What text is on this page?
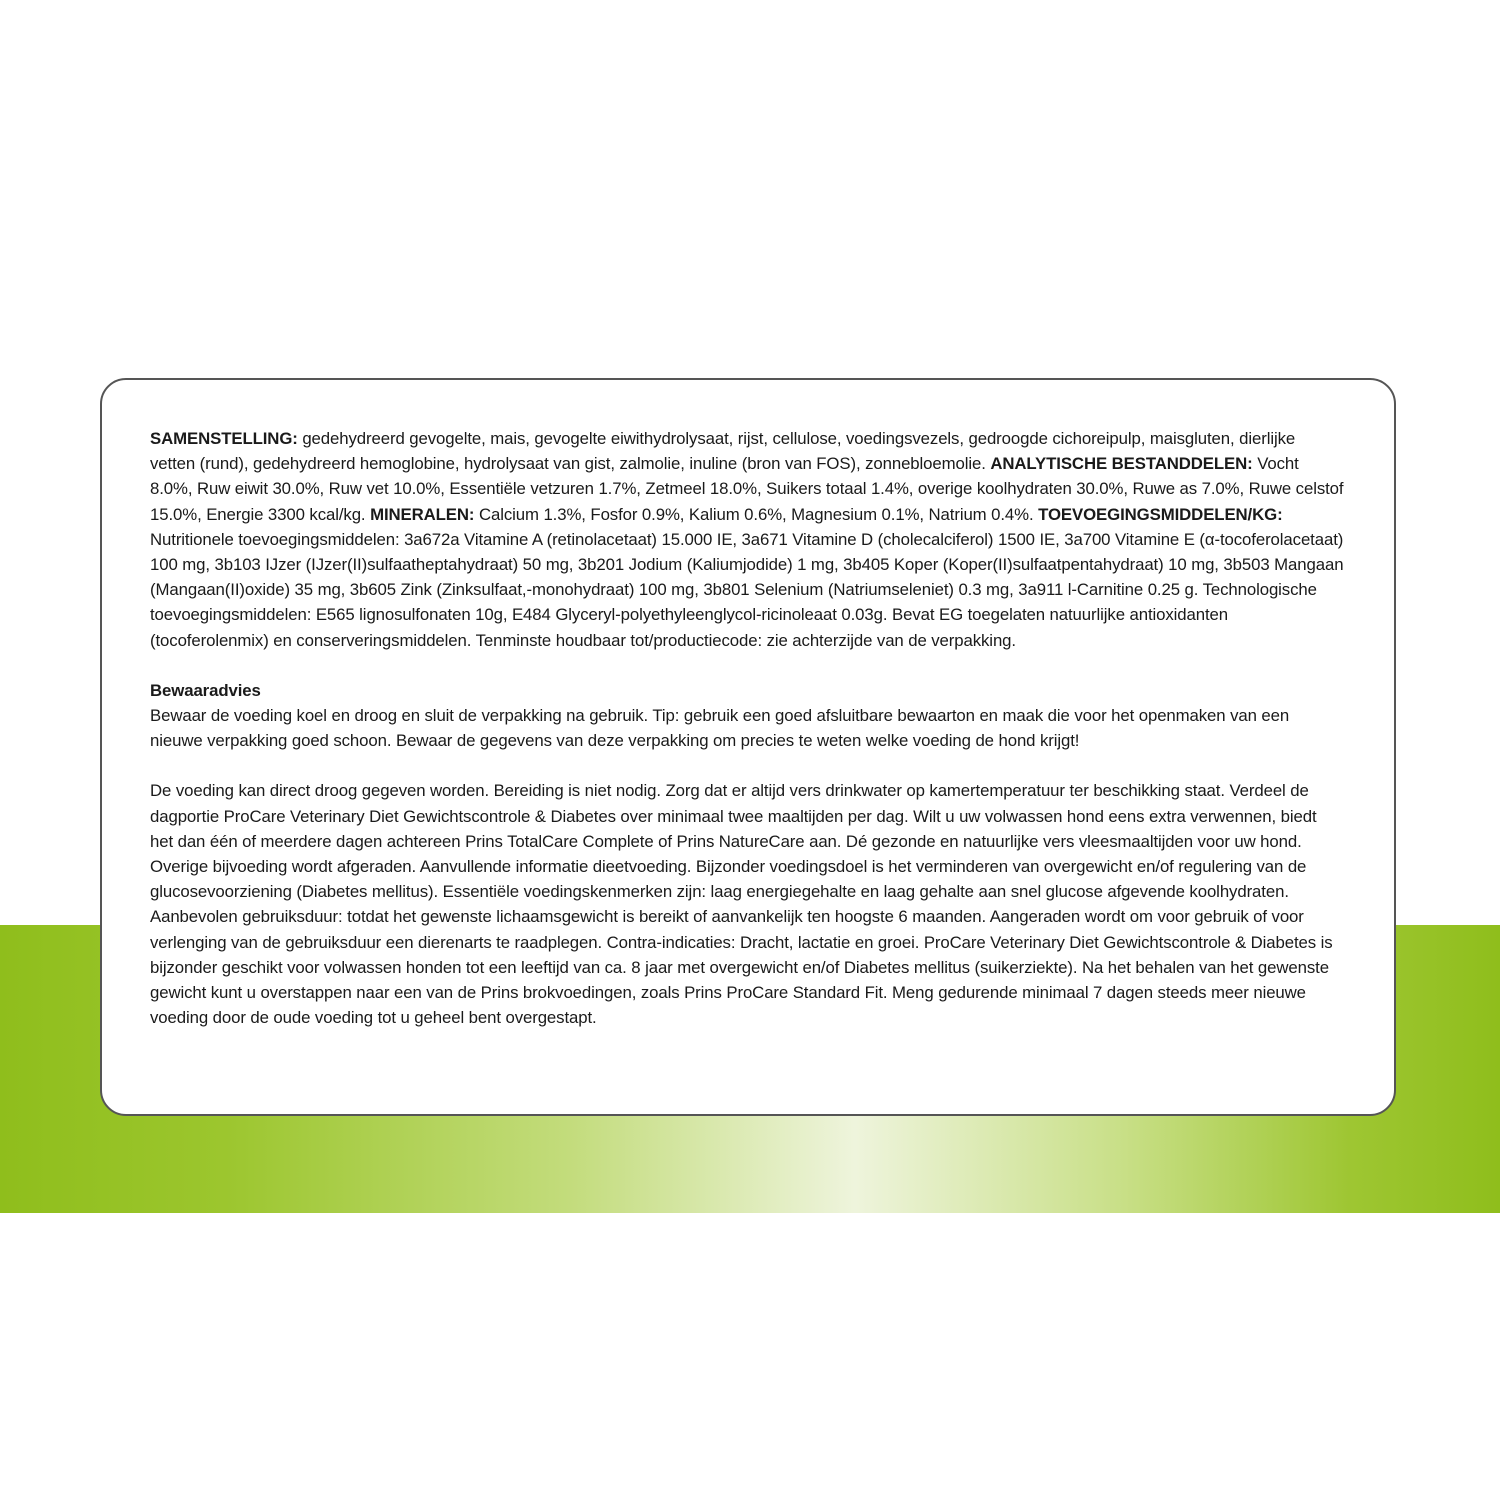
SAMENSTELLING: gedehydreerd gevogelte, mais, gevogelte eiwithydrolysaat, rijst, cellulose, voedingsvezels, gedroogde cichoreipulp, maisgluten, dierlijke vetten (rund), gedehydreerd hemoglobine, hydrolysaat van gist, zalmolie, inuline (bron van FOS), zonnebloemolie. ANALYTISCHE BESTANDDELEN: Vocht 8.0%, Ruw eiwit 30.0%, Ruw vet 10.0%, Essentiële vetzuren 1.7%, Zetmeel 18.0%, Suikers totaal 1.4%, overige koolhydraten 30.0%, Ruwe as 7.0%, Ruwe celstof 15.0%, Energie 3300 kcal/kg. MINERALEN: Calcium 1.3%, Fosfor 0.9%, Kalium 0.6%, Magnesium 0.1%, Natrium 0.4%. TOEVOEGINGSMIDDELEN/KG: Nutritionele toevoegingsmiddelen: 3a672a Vitamine A (retinolacetaat) 15.000 IE, 3a671 Vitamine D (cholecalciferol) 1500 IE, 3a700 Vitamine E (α-tocoferolacetaat) 100 mg, 3b103 IJzer (IJzer(II)sulfaatheptahydraat) 50 mg, 3b201 Jodium (Kaliumjodide) 1 mg, 3b405 Koper (Koper(II)sulfaatpentahydraat) 10 mg, 3b503 Mangaan (Mangaan(II)oxide) 35 mg, 3b605 Zink (Zinksulfaat,-monohydraat) 100 mg, 3b801 Selenium (Natriumseleniet) 0.3 mg, 3a911 l-Carnitine 0.25 g. Technologische toevoegingsmiddelen: E565 lignosulfonaten 10g, E484 Glyceryl-polyethyleenglycol-ricinoleaat 0.03g. Bevat EG toegelaten natuurlijke antioxidanten (tocoferolenmix) en conserveringsmiddelen. Tenminste houdbaar tot/productiecode: zie achterzijde van de verpakking.

Bewaaradvies

Bewaar de voeding koel en droog en sluit de verpakking na gebruik. Tip: gebruik een goed afsluitbare bewaarton en maak die voor het openmaken van een nieuwe verpakking goed schoon. Bewaar de gegevens van deze verpakking om precies te weten welke voeding de hond krijgt!

De voeding kan direct droog gegeven worden. Bereiding is niet nodig. Zorg dat er altijd vers drinkwater op kamertemperatuur ter beschikking staat. Verdeel de dagportie ProCare Veterinary Diet Gewichtscontrole & Diabetes over minimaal twee maaltijden per dag. Wilt u uw volwassen hond eens extra verwennen, biedt het dan één of meerdere dagen achtereen Prins TotalCare Complete of Prins NatureCare aan. Dé gezonde en natuurlijke vers vleesmaaltijden voor uw hond. Overige bijvoeding wordt afgeraden. Aanvullende informatie dieetvoeding. Bijzonder voedingsdoel is het verminderen van overgewicht en/of regulering van de glucosevoorziening (Diabetes mellitus). Essentiële voedingskenmerken zijn: laag energiegehalte en laag gehalte aan snel glucose afgevende koolhydraten. Aanbevolen gebruiksduur: totdat het gewenste lichaamsgewicht is bereikt of aanvankelijk ten hoogste 6 maanden. Aangeraden wordt om voor gebruik of voor verlenging van de gebruiksduur een dierenarts te raadplegen. Contra-indicaties: Dracht, lactatie en groei. ProCare Veterinary Diet Gewichtscontrole & Diabetes is bijzonder geschikt voor volwassen honden tot een leeftijd van ca. 8 jaar met overgewicht en/of Diabetes mellitus (suikerziekte). Na het behalen van het gewenste gewicht kunt u overstappen naar een van de Prins brokvoedingen, zoals Prins ProCare Standard Fit. Meng gedurende minimaal 7 dagen steeds meer nieuwe voeding door de oude voeding tot u geheel bent overgestapt.
